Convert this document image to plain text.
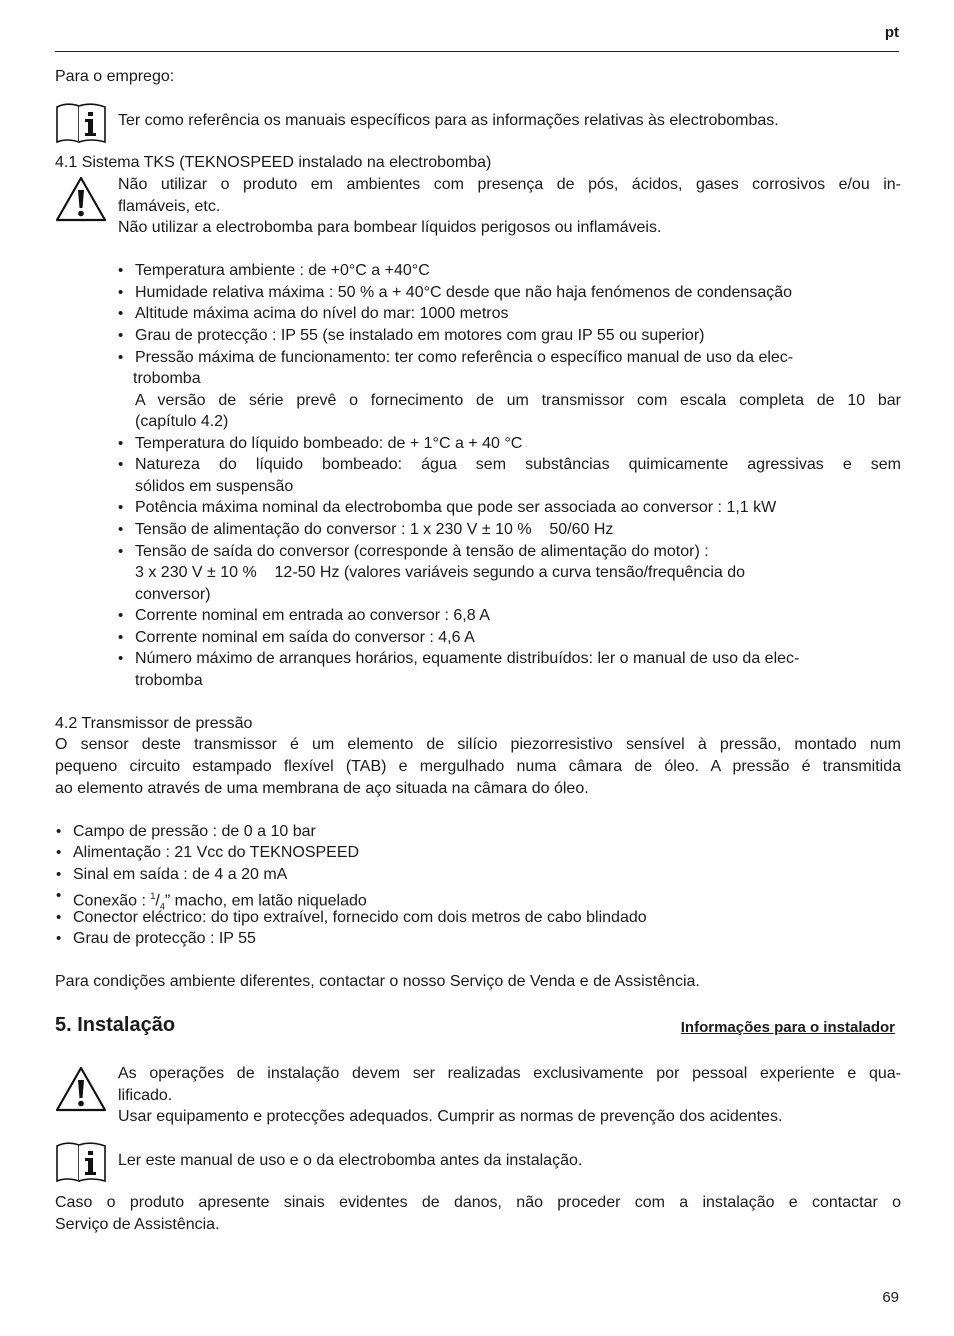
pt
Para o emprego:
Ter como referência os manuais específicos para as informações relativas às electrobombas.
4.1 Sistema TKS (TEKNOSPEED instalado na electrobomba)
Não utilizar o produto em ambientes com presença de pós, ácidos, gases corrosivos e/ou in-
flamáveis, etc.
Não utilizar a electrobomba para bombear líquidos perigosos ou inflamáveis.
• Temperatura ambiente : de +0°C a +40°C
• Humidade relativa máxima : 50 % a + 40°C desde que não haja fenómenos de condensação
• Altitude máxima acima do nível do mar: 1000 metros
• Grau de protecção : IP 55 (se instalado em motores com grau IP 55 ou superior)
• Pressão máxima de funcionamento: ter como referência o específico manual de uso da elec-
trobomba
A versão de série prevê o fornecimento de um transmissor com escala completa de 10 bar
(capítulo 4.2)
• Temperatura do líquido bombeado: de + 1°C a + 40 °C
• Natureza do líquido bombeado: água sem substâncias quimicamente agressivas e sem
sólidos em suspensão
• Potência máxima nominal da electrobomba que pode ser associada ao conversor : 1,1 kW
• Tensão de alimentação do conversor : 1 x 230 V ± 10 %    50/60 Hz
• Tensão de saída do conversor (corresponde à tensão de alimentação do motor) :
3 x 230 V ± 10 %    12-50 Hz (valores variáveis segundo a curva tensão/frequência do
conversor)
• Corrente nominal em entrada ao conversor : 6,8 A
• Corrente nominal em saída do conversor : 4,6 A
• Número máximo de arranques horários, equamente distribuídos: ler o manual de uso da elec-
trobomba
4.2 Transmissor de pressão
O sensor deste transmissor é um elemento de silício piezorresistivo sensível à pressão, montado num
pequeno circuito estampado flexível (TAB) e mergulhado numa câmara de óleo. A pressão é transmitida
ao elemento através de uma membrana de aço situada na câmara do óleo.
• Campo de pressão : de 0 a 10 bar
• Alimentação : 21 Vcc do TEKNOSPEED
• Sinal em saída : de 4 a 20 mA
• Conexão : $^1/_4$” macho, em latão niquelado
• Conector eléctrico: do tipo extraível, fornecido com dois metros de cabo blindado
• Grau de protecção : IP 55
Para condições ambiente diferentes, contactar o nosso Serviço de Venda e de Assistência.
5. Instalação	Informações para o instalador
As operações de instalação devem ser realizadas exclusivamente por pessoal experiente e qua-
lificado.
Usar equipamento e protecções adequados. Cumprir as normas de prevenção dos acidentes.
Ler este manual de uso e o da electrobomba antes da instalação.
Caso o produto apresente sinais evidentes de danos, não proceder com a instalação e contactar o
Serviço de Assistência.
69
